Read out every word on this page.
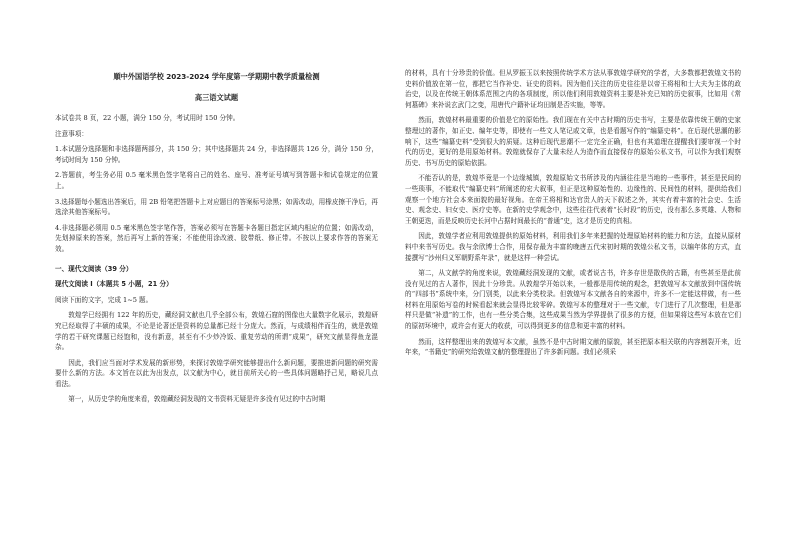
順中外国语学校 2023-2024 学年度第一学期期中教学质量检测

高三语文试题

本试卷共 8 页，22 小题，满分 150 分，考试用时 150 分钟。

注意事项：

1.本试题分选择题和非选择题两部分，共 150 分；其中选择题共 24 分，非选择题共 126 分，满分 150 分，考试时间为 150 分钟。

2.答题前，考生务必用 0.5 毫米黑色签字笔将自己的姓名、座号、准考证号填写到答题卡和试卷规定的位置上。

3.选择题每小题选出答案后，用 2B 铅笔把答题卡上对应题目的答案标号涂黑；如需改动，用橡皮擦干净后，再选涂其他答案标号。

4.非选择题必须用 0.5 毫米黑色签字笔作答，答案必须写在答题卡各题目指定区域内相应的位置；如需改动，先划掉原来的答案，然后再写上新的答案；不能使用涂改液、胶带纸、修正带。不按以上要求作答的答案无效。

一、现代文阅读（39 分）

现代文阅读 I（本题共 5 小题，21 分）

阅读下面的文字，完成 1~5 题。

敦煌学已经拥有 122 年的历史，藏经洞文献也几乎全部公布，敦煌石窟的图像也大量数字化展示，敦煌研究已经取得了丰硕的成果，不论是论著还是资料的总量都已经十分庞大。然而，与成绩相伴而生的，就是敦煌学的若干研究课题已经饱和，没有新意，甚至有不少炒冷饭、重复劳动的所谓“成果”，研究文献显得鱼龙混杂。

因此，我们应当面对学术发展的新形势，来探讨敦煌学研究能够提出什么新问题，要推进新问题的研究需要什么新的方法。本文旨在以此为出发点，以文献为中心，就目前所关心的一些具体问题略抒己见，略说几点看法。

第一，从历史学的角度来看，敦煌藏经洞发现的文书资料无疑是许多没有见过的中古时期

的材料，具有十分珍贵的价值。但从罗振玉以来按照传统学术方法从事敦煌学研究的学者，大多数都把敦煌文书的史料价值放在第一位，都把它当作补史、证史的资料。因为他们关注的历史往往是以帝王将相和士大夫为主体的政治史，以及在传统王朝体系范围之内的各项制度，所以他们利用敦煌资料主要是补充已知的历史叙事，比如用《常何墓碑》来补说玄武门之变，用唐代户籍补证均田制是否实施，等等。

然而，敦煌材料最重要的价值是它的原始性。我们现在有关中古时期的历史书写，主要是依靠传统王朝的史家整理过的著作，如正史、编年史等，即使有一些文人笔记或文章，也是看题写作的“编纂史料”。在后现代思潮的影响下，这些“编纂史料”受到很大的质疑。这种后现代思潮不一定完全正确，但也有其道理在提醒我们要审视一个时代的历史，更好的是用原始材料。敦煌就保存了大量未经人为造作而直接保存的原始公私文书，可以作为我们观察历史、书写历史的原始依据。

不能否认的是，敦煌毕竟是一个边缘城镇，敦煌原始文书所涉及的内涵往往是当地的一些事件，甚至是民间的一些琐事，不能取代“编纂史料”所阐述的宏大叙事，但正是这种原始性的、边缘性的、民间性的材料，提供给我们观察一个地方社会本来面貌的最好视角。在帝王将相和达官贵人的天下叙述之外，其实有着丰富的社会史、生活史、观念史、妇女史、医疗史等。在新的史学观念中，这些往往代表着“长时段”的历史，没有那么多英雄、人物和王朝更迭，而是反映历史长河中占据时间最长的“普通”史，这才是历史的真相。

因此，敦煌学者应利用敦煌提供的原始材料，利用我们多年来把握的处理原始材料的能力和方法，直接从原材料中来书写历史。我与余欣博士合作，用保存最为丰富的晚唐五代宋初时期的敦煌公私文书，以编年体的方式，直接撰写“沙州归义军朝野系年录”，就是这样一种尝试。

第二，从文献学的角度来说，敦煌藏经洞发现的文献，或者说古书，许多存世是散佚的古籍，有些甚至是此前没有见过的古人著作，因此十分珍贵。从敦煌学开始以来，一般都是用传统的观念，把敦煌写本文献放到中国传统的“四部书”系统中来，分门别类，以此来分类校录。但敦煌写本文献各自的来源中，许多不一定能这样做，有一些材料在用原始写卷的时候看起来就会显得比较零碎。敦煌写本的整理对于一些文献，专门进行了几次整理，但是那样只是做“补遗”的工作，也有一些分类合集，这些成果当然为学界提供了很多的方便，但如果将这些写本放在它们的原初环境中，或许会有更大的收获，可以得到更多的信息和更丰富的材料。

然而，这样整理出来的敦煌写本文献，虽然不是中古时期文献的原貌，甚至把原本相关联的内容割裂开来，近年来，“书籍史”的研究给敦煌文献的整理提出了许多新问题。我们必须采
